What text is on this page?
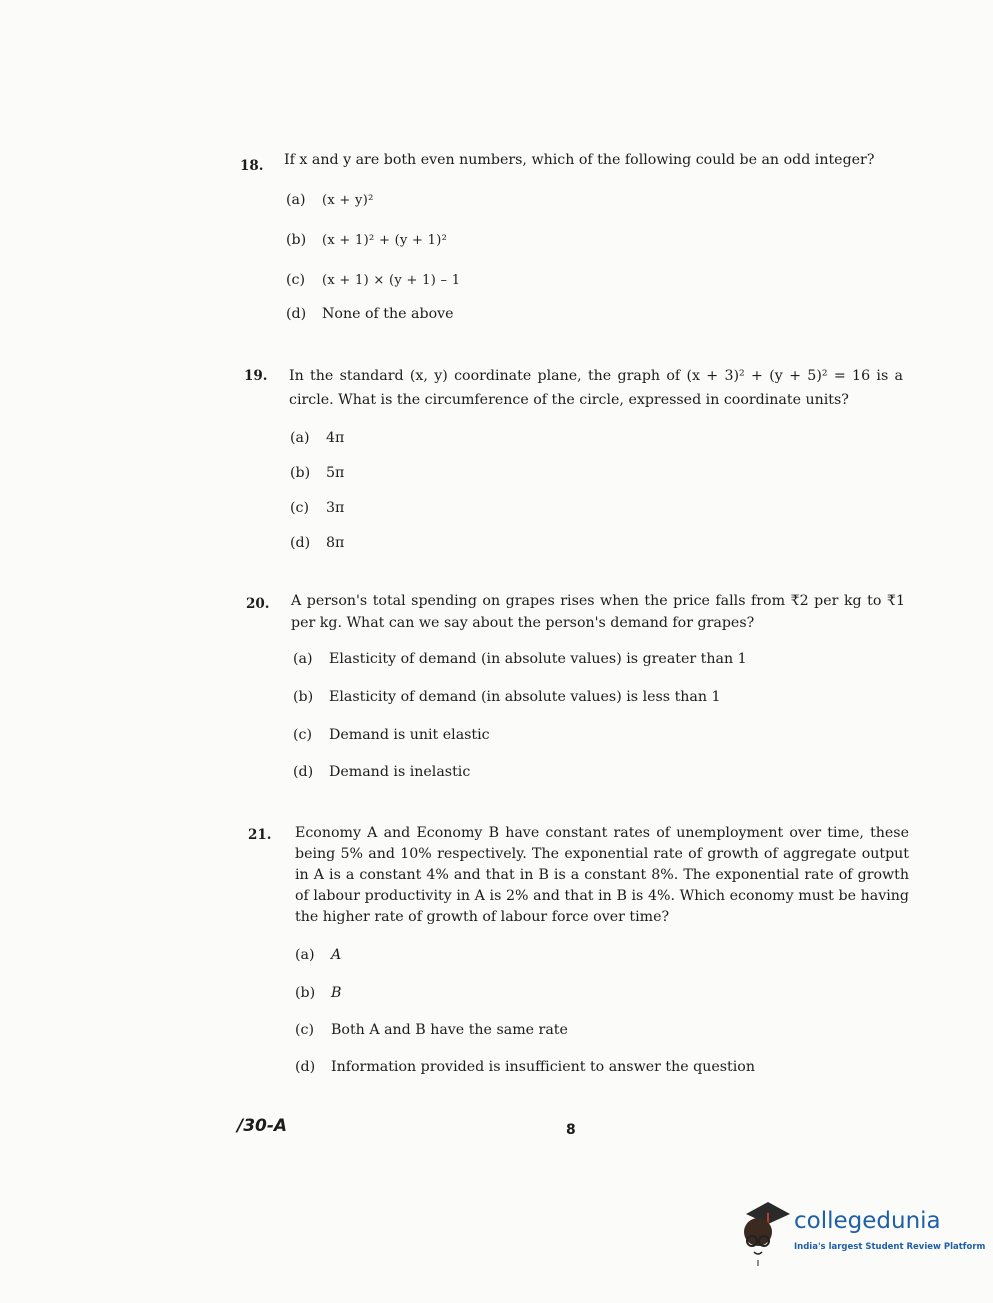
18. If x and y are both even numbers, which of the following could be an odd integer?
(a) (x + y)²
(b) (x + 1)² + (y + 1)²
(c) (x + 1) × (y + 1) – 1
(d) None of the above
19. In the standard (x, y) coordinate plane, the graph of (x + 3)² + (y + 5)² = 16 is a circle. What is the circumference of the circle, expressed in coordinate units?
(a) 4π
(b) 5π
(c) 3π
(d) 8π
20. A person's total spending on grapes rises when the price falls from ₹2 per kg to ₹1 per kg. What can we say about the person's demand for grapes?
(a) Elasticity of demand (in absolute values) is greater than 1
(b) Elasticity of demand (in absolute values) is less than 1
(c) Demand is unit elastic
(d) Demand is inelastic
21. Economy A and Economy B have constant rates of unemployment over time, these being 5% and 10% respectively. The exponential rate of growth of aggregate output in A is a constant 4% and that in B is a constant 8%. The exponential rate of growth of labour productivity in A is 2% and that in B is 4%. Which economy must be having the higher rate of growth of labour force over time?
(a) A
(b) B
(c) Both A and B have the same rate
(d) Information provided is insufficient to answer the question
/30-A	8
collegedunia
India's largest Student Review Platform
